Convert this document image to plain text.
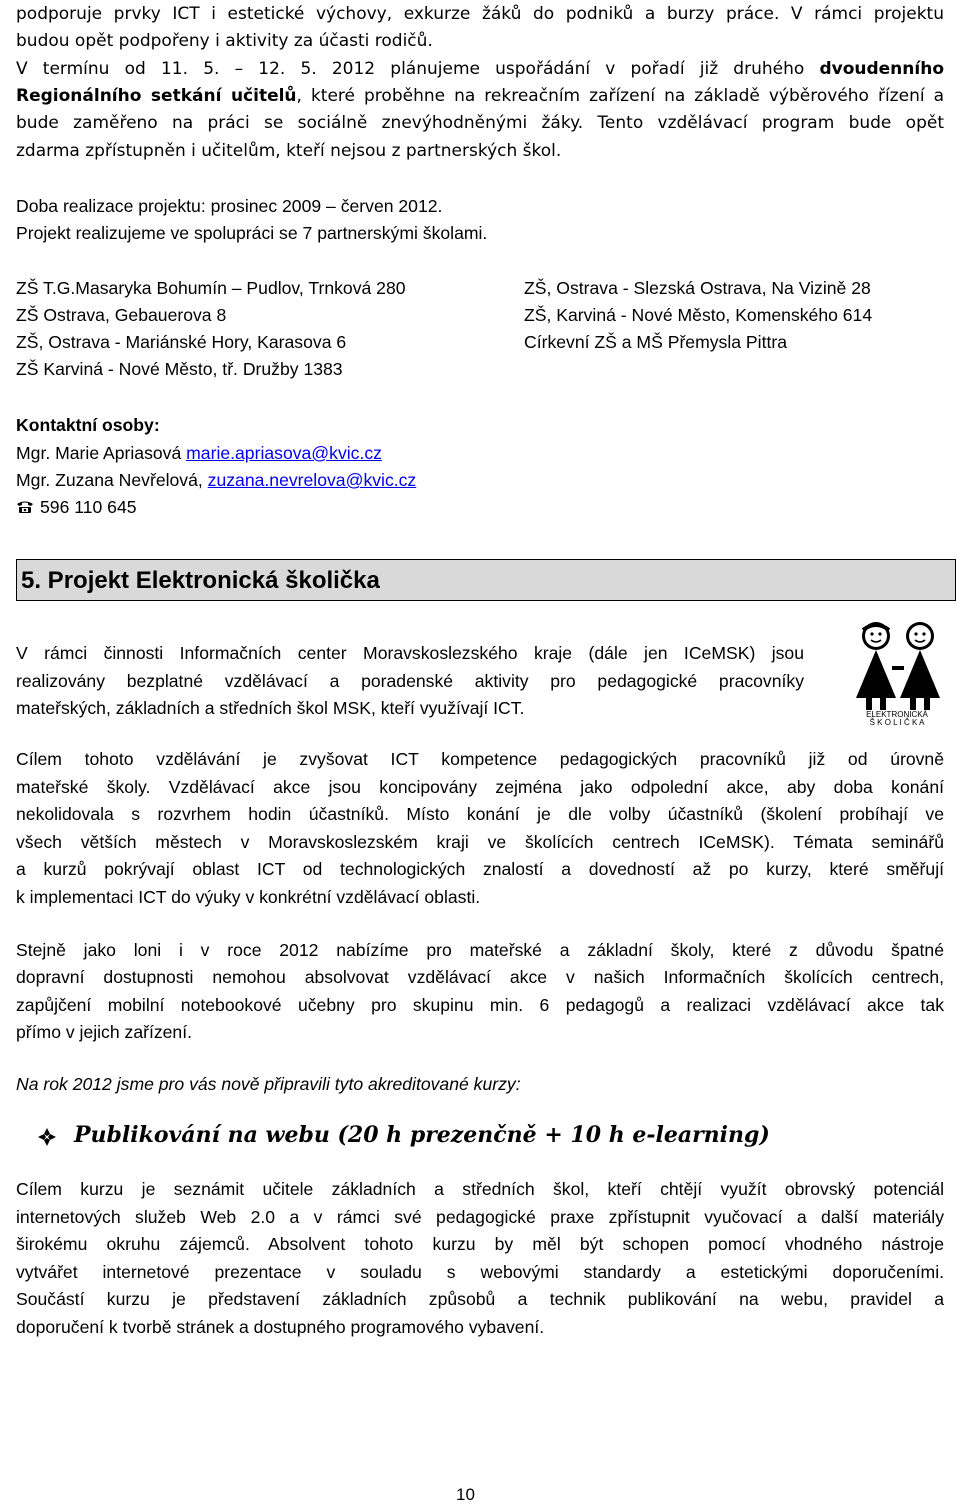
podporuje prvky ICT i estetické výchovy, exkurze žáků do podniků a burzy práce. V rámci projektu
budou opět podpořeny i aktivity za účasti rodičů.
V termínu od 11. 5. – 12. 5. 2012 plánujeme uspořádání v pořadí již druhého dvoudenního
Regionálního setkání učitelů, které proběhne na rekreačním zařízení na základě výběrového řízení a
bude zaměřeno na práci se sociálně znevýhodněnými žáky. Tento vzdělávací program bude opět
zdarma zpřístupněn i učitelům, kteří nejsou z partnerských škol.
Doba realizace projektu: prosinec 2009 – červen 2012.
Projekt realizujeme ve spolupráci se 7 partnerskými školami.
ZŠ T.G.Masaryka Bohumín – Pudlov, Trnková 280
ZŠ Ostrava, Gebauerova 8
ZŠ, Ostrava - Mariánské Hory, Karasova 6
ZŠ Karviná - Nové Město, tř. Družby 1383
ZŠ, Ostrava - Slezská Ostrava, Na Vizině 28
ZŠ, Karviná - Nové Město, Komenského 614
Církevní ZŠ a MŠ Přemysla Pittra
Kontaktní osoby:
Mgr. Marie Apriasová marie.apriasova@kvic.cz
Mgr. Zuzana Nevřelová, zuzana.nevrelova@kvic.cz
596 110 645
5. Projekt Elektronická školička
ELEKTRONICKÁ
Š K O L I Č K A
V rámci činnosti Informačních center Moravskoslezského kraje (dále jen ICeMSK) jsou
realizovány bezplatné vzdělávací a poradenské aktivity pro pedagogické pracovníky
mateřských, základních a středních škol MSK, kteří využívají ICT.
Cílem tohoto vzdělávání je zvyšovat ICT kompetence pedagogických pracovníků již od úrovně
mateřské školy. Vzdělávací akce jsou koncipovány zejména jako odpolední akce, aby doba konání
nekolidovala s rozvrhem hodin účastníků. Místo konání je dle volby účastníků (školení probíhají ve
všech větších městech v Moravskoslezském kraji ve školících centrech ICeMSK). Témata seminářů
a kurzů pokrývají oblast ICT od technologických znalostí a dovedností až po kurzy, které směřují
k implementaci ICT do výuky v konkrétní vzdělávací oblasti.
Stejně jako loni i v roce 2012 nabízíme pro mateřské a základní školy, které z důvodu špatné
dopravní dostupnosti nemohou absolvovat vzdělávací akce v našich Informačních školících centrech,
zapůjčení mobilní notebookové učebny pro skupinu min. 6 pedagogů a realizaci vzdělávací akce tak
přímo v jejich zařízení.
Na rok 2012 jsme pro vás nově připravili tyto akreditované kurzy:
Publikování na webu (20 h prezenčně + 10 h e-learning)
Cílem kurzu je seznámit učitele základních a středních škol, kteří chtějí využít obrovský potenciál
internetových služeb Web 2.0 a v rámci své pedagogické praxe zpřístupnit vyučovací a další materiály
širokému okruhu zájemců. Absolvent tohoto kurzu by měl být schopen pomocí vhodného nástroje
vytvářet internetové prezentace v souladu s webovými standardy a estetickými doporučeními.
Součástí kurzu je představení základních způsobů a technik publikování na webu, pravidel a
doporučení k tvorbě stránek a dostupného programového vybavení.
10
